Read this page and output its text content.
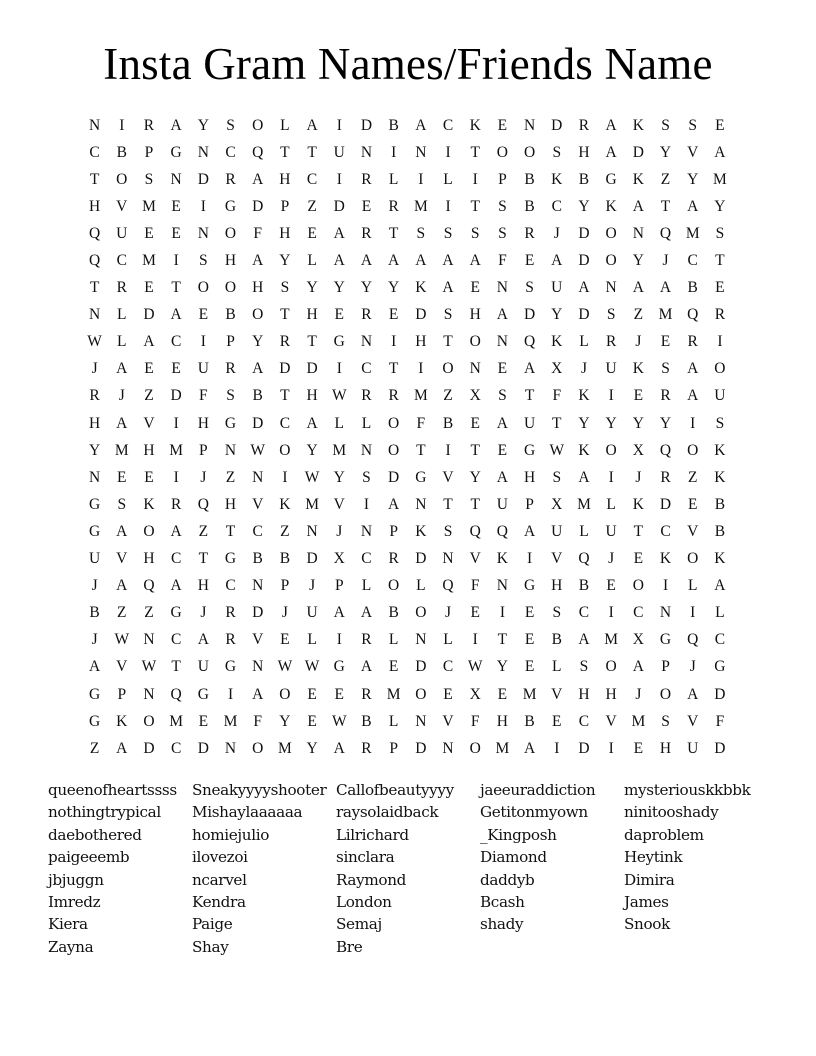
Insta Gram Names/Friends Name
N	I	R	A	Y	S	O	L	A	I	D	B	A	C	K	E	N	D	R	A	K	S	S	E
C	B	P	G	N	C	Q	T	T	U	N	I	N	I	T	O	O	S	H	A	D	Y	V	A
T	O	S	N	D	R	A	H	C	I	R	L	I	L	I	P	B	K	B	G	K	Z	Y M
H	V M	E	I	G	D	P	Z	D	E	R M	I	T	S	B	C	Y	K	A	T	A	Y
Q	U	E	E	N	O	F	H	E	A	R	T	S	S	S	S	R	J	D	O	N	Q M	S
Q	C M	I	S	H	A	Y	L	A	A	A	A	A	A	F	E	A	D	O	Y	J	C	T
T	R	E	T	O	O	H	S	Y	Y	Y	Y	K	A	E	N	S	U	A	N	A	A	B	E
N	L	D	A	E	B	O	T	H	E	R	E	D	S	H	A	D	Y	D	S	Z	M Q	R
W L	A	C	I	P	Y	R	T	G	N	I	H	T	O	N	Q	K	L	R	J	E	R	I
J	A	E	E	U	R	A	D	D	I	C	T	I	O	N	E	A	X	J	U	K	S	A	O
R	J	Z	D	F	S	B	T	H W R	R M	Z	X	S	T	F	K	I	E	R	A	U
H	A	V	I	H	G	D	C	A	L	L	O	F	B	E	A	U	T	Y	Y	Y	Y	I	S
Y M H M	P	N W O	Y M N	O	T	I	T	E	G W K	O	X	Q	O	K
N	E	E	I	J	Z	N	I	W Y	S	D	G	V	Y	A	H	S	A	I	J	R	Z	K
G	S	K	R	Q	H	V	K M V	I	A	N	T	T	U	P	X M	L	K	D	E	B
G	A	O	A	Z	T	C	Z	N	J	N	P	K	S	Q	Q	A	U	L	U	T	C	V	B
U	V	H	C	T	G	B	B	D	X	C	R	D	N	V	K	I	V	Q	J	E	K	O	K
J	A	Q	A	H	C	N	P	J	P	L	O	L	Q	F	N	G	H	B	E	O	I	L	A
B	Z	Z	G	J	R	D	J	U	A	A	B	O	J	E	I	E	S	C	I	C	N	I	L
J	W N	C	A	R	V	E	L	I	R	L	N	L	I	T	E	B	A M X	G	Q	C
A	V W T	U	G	N W W G	A	E	D	C W Y	E	L	S	O	A	P	J	G
G	P	N	Q	G	I	A	O	E	E	R M O	E	X	E	M V	H	H	J	O	A	D
G	K	O M	E	M	F	Y	E W B	L	N	V	F	H	B	E	C	V M	S	V	F
Z	A	D	C	D	N	O M Y	A	R	P	D	N	O M A	I	D	I	E	H	U	D
queenofheartssss
nothingtrypical
daebothered
paigeeemb
jbjuggn
Imredz
Kiera
Zayna
Sneakyyyyshooter
Mishaylaaaaaa
homiejulio
ilovezoi
ncarvel
Kendra
Paige
Shay
Callofbeautyyyy
raysolaidback
Lilrichard
sinclara
Raymond
London
Semaj
Bre
jaeeuraddiction
Getitonmyown
_Kingposh
Diamond
daddyb
Bcash
shady
mysteriouskkbbk
ninitooshady
daproblem
Heytink
Dimira
James
Snook
